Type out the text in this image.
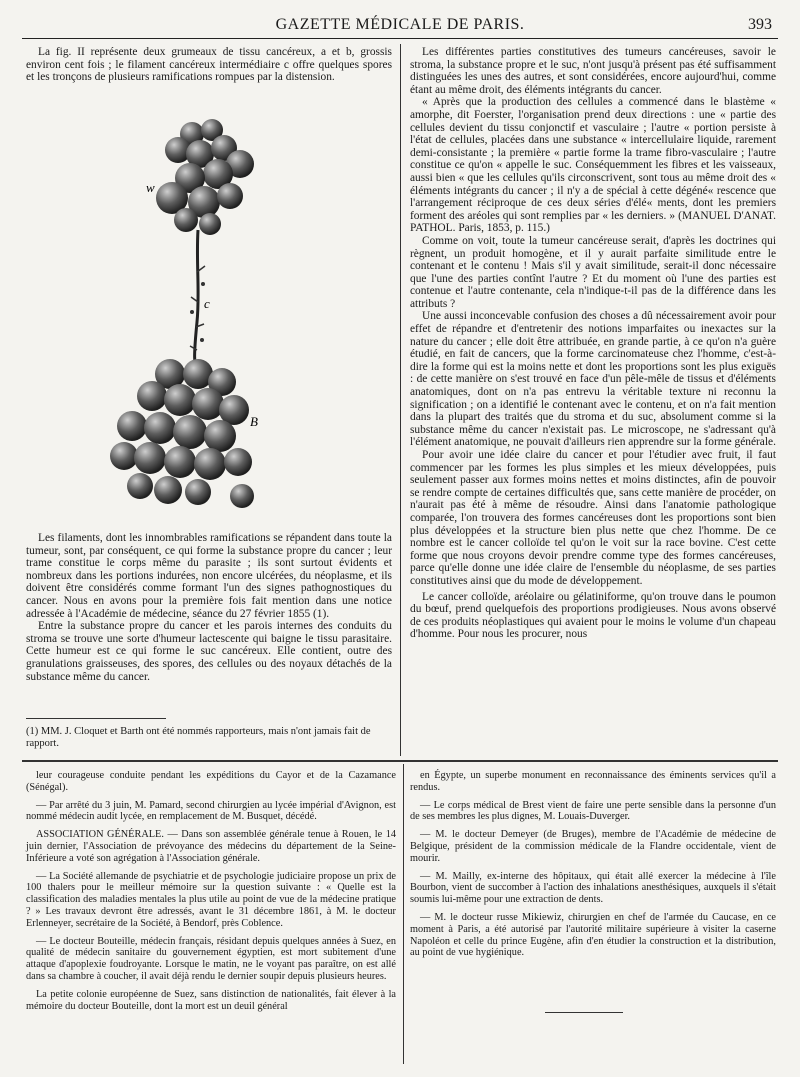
GAZETTE MÉDICALE DE PARIS.	393

La fig. II représente deux grumeaux de tissu cancéreux, a et b, grossis environ cent fois ; le filament cancéreux intermédiaire c offre quelques spores et les tronçons de plusieurs ramifications rompues par la distension.

w
c
B

Les filaments, dont les innombrables ramifications se répandent dans toute la tumeur, sont, par conséquent, ce qui forme la substance propre du cancer ; leur trame constitue le corps même du parasite ; ils sont surtout évidents et nombreux dans les portions indurées, non encore ulcérées, du néoplasme, et ils doivent être considérés comme formant l'un des signes pathognostiques du cancer. Nous en avons pour la première fois fait mention dans une notice adressée à l'Académie de médecine, séance du 27 février 1855 (1).

Entre la substance propre du cancer et les parois internes des conduits du stroma se trouve une sorte d'humeur lactescente qui baigne le tissu parasitaire. Cette humeur est ce qui forme le suc cancéreux. Elle contient, outre des granulations graisseuses, des spores, des cellules ou des noyaux détachés de la substance même du cancer.

(1) MM. J. Cloquet et Barth ont été nommés rapporteurs, mais n'ont jamais fait de rapport.

Les différentes parties constitutives des tumeurs cancéreuses, savoir le stroma, la substance propre et le suc, n'ont jusqu'à présent pas été suffisamment distinguées les unes des autres, et sont considérées, encore aujourd'hui, comme étant au même droit, des éléments intégrants du cancer.

« Après que la production des cellules a commencé dans le blastème « amorphe, dit Foerster, l'organisation prend deux directions : une « partie des cellules devient du tissu conjonctif et vasculaire ; l'autre « portion persiste à l'état de cellules, placées dans une substance « intercellulaire liquide, rarement demi-consistante ; la première « partie forme la trame fibro-vasculaire ; l'autre constitue ce qu'on « appelle le suc. Conséquemment les fibres et les vaisseaux, aussi bien « que les cellules qu'ils circonscrivent, sont tous au même droit des « éléments intégrants du cancer ; il n'y a de spécial à cette dégéné« rescence que l'arrangement réciproque de ces deux séries d'élé« ments, dont les premiers forment des aréoles qui sont remplies par « les derniers. » (MANUEL D'ANAT. PATHOL. Paris, 1853, p. 115.)

Comme on voit, toute la tumeur cancéreuse serait, d'après les doctrines qui règnent, un produit homogène, et il y aurait parfaite similitude entre le contenant et le contenu ! Mais s'il y avait similitude, serait-il donc nécessaire que l'une des parties contînt l'autre ? Et du moment où l'une des parties est contenue et l'autre contenante, cela n'indique-t-il pas de la différence dans les attributs ?

Une aussi inconcevable confusion des choses a dû nécessairement avoir pour effet de répandre et d'entretenir des notions imparfaites ou inexactes sur la nature du cancer ; elle doit être attribuée, en grande partie, à ce qu'on n'a guère étudié, en fait de cancers, que la forme carcinomateuse chez l'homme, c'est-à-dire la forme qui est la moins nette et dont les proportions sont les plus exiguës : de cette manière on s'est trouvé en face d'un pêle-mêle de tissus et d'éléments anatomiques, dont on n'a pas entrevu la véritable texture ni reconnu la signification ; on a identifié le contenant avec le contenu, et on n'a fait mention dans la plupart des traités que du stroma et du suc, absolument comme si la substance même du cancer n'existait pas. Le microscope, ne s'adressant qu'à l'élément anatomique, ne pouvait d'ailleurs rien apprendre sur la forme générale.

Pour avoir une idée claire du cancer et pour l'étudier avec fruit, il faut commencer par les formes les plus simples et les mieux développées, puis seulement passer aux formes moins nettes et moins distinctes, afin de pouvoir se rendre compte de certaines difficultés que, sans cette manière de procéder, on n'aurait pas été à même de résoudre. Ainsi dans l'anatomie pathologique comparée, l'on trouvera des formes cancéreuses dont les proportions sont bien plus développées et la structure bien plus nette que chez l'homme. De ce nombre est le cancer colloïde tel qu'on le voit sur la race bovine. C'est cette forme que nous croyons devoir prendre comme type des formes cancéreuses, parce qu'elle donne une idée claire de l'ensemble du néoplasme, de ses parties constitutives ainsi que du mode de développement.

Le cancer colloïde, aréolaire ou gélatiniforme, qu'on trouve dans le poumon du bœuf, prend quelquefois des proportions prodigieuses. Nous avons observé de ces produits néoplastiques qui avaient pour le moins le volume d'un chapeau d'homme. Pour nous les procurer, nous

leur courageuse conduite pendant les expéditions du Cayor et de la Cazamance (Sénégal).

— Par arrêté du 3 juin, M. Pamard, second chirurgien au lycée impérial d'Avignon, est nommé médecin audit lycée, en remplacement de M. Busquet, décédé.

ASSOCIATION GÉNÉRALE. — Dans son assemblée générale tenue à Rouen, le 14 juin dernier, l'Association de prévoyance des médecins du département de la Seine-Inférieure a voté son agrégation à l'Association générale.

— La Société allemande de psychiatrie et de psychologie judiciaire propose un prix de 100 thalers pour le meilleur mémoire sur la question suivante : « Quelle est la classification des maladies mentales la plus utile au point de vue de la médecine pratique ? » Les travaux devront être adressés, avant le 31 décembre 1861, à M. le docteur Erlenneyer, secrétaire de la Société, à Bendorf, près Coblence.

— Le docteur Bouteille, médecin français, résidant depuis quelques années à Suez, en qualité de médecin sanitaire du gouvernement égyptien, est mort subitement d'une attaque d'apoplexie foudroyante. Lorsque le matin, ne le voyant pas paraître, on est allé dans sa chambre à coucher, il avait déjà rendu le dernier soupir depuis plusieurs heures.

La petite colonie européenne de Suez, sans distinction de nationalités, fait élever à la mémoire du docteur Bouteille, dont la mort est un deuil général

en Égypte, un superbe monument en reconnaissance des éminents services qu'il a rendus.

— Le corps médical de Brest vient de faire une perte sensible dans la personne d'un de ses membres les plus dignes, M. Louais-Duverger.

— M. le docteur Demeyer (de Bruges), membre de l'Académie de médecine de Belgique, président de la commission médicale de la Flandre occidentale, vient de mourir.

— M. Mailly, ex-interne des hôpitaux, qui était allé exercer la médecine à l'île Bourbon, vient de succomber à l'action des inhalations anesthésiques, auxquels il s'était soumis lui-même pour une extraction de dents.

— M. le docteur russe Mikiewiz, chirurgien en chef de l'armée du Caucase, en ce moment à Paris, a été autorisé par l'autorité militaire supérieure à visiter la caserne Napoléon et celle du prince Eugène, afin d'en étudier la construction et la distribution, au point de vue hygiénique.
